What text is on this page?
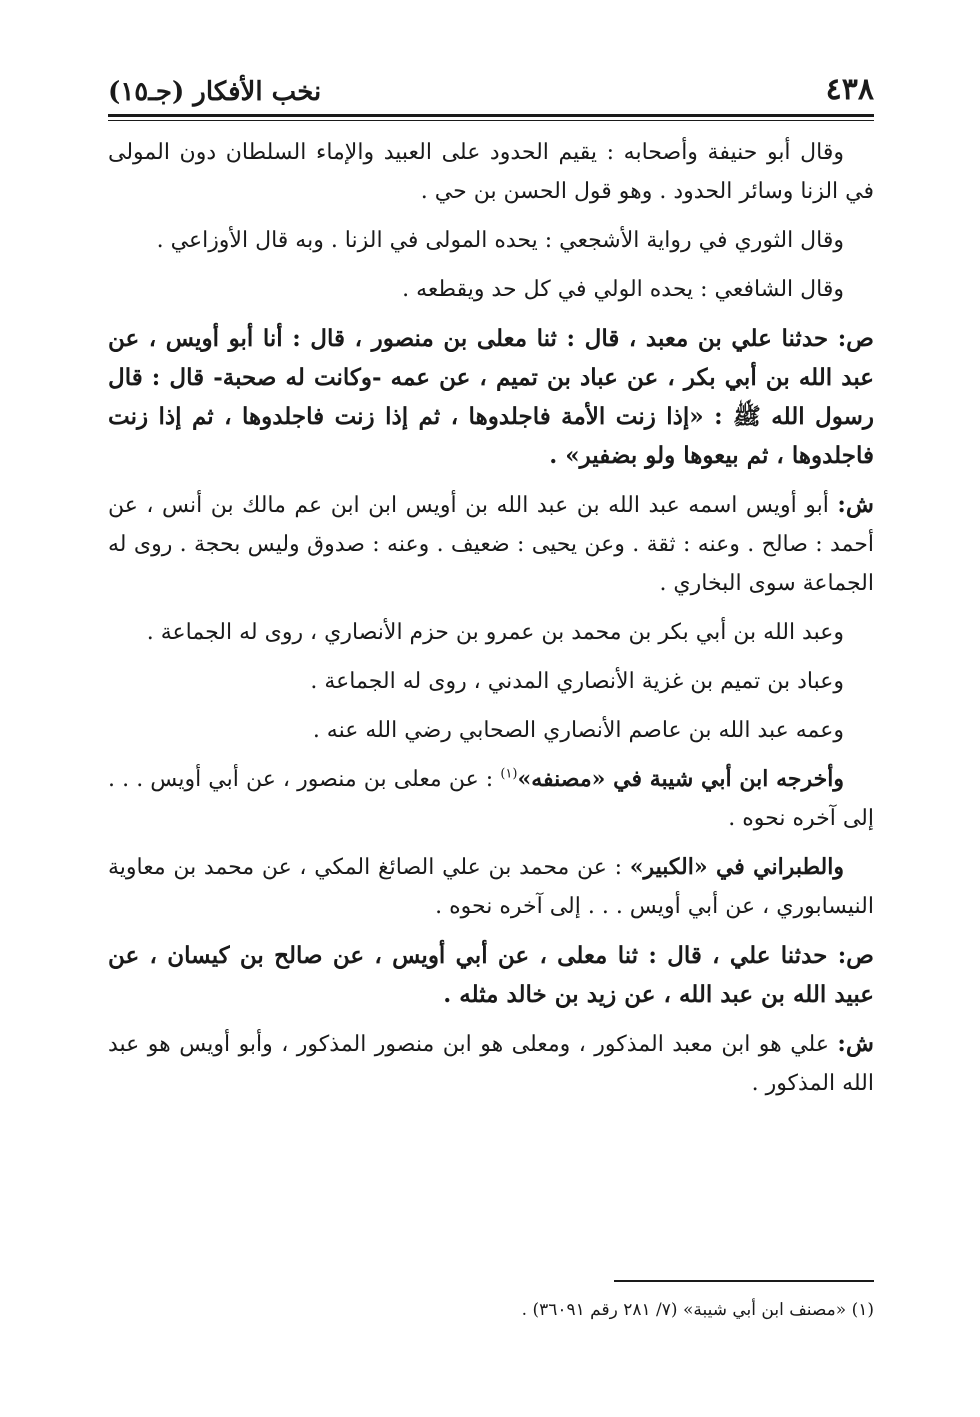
٤٣٨
نخب الأفكار (جـ١٥)

وقال أبو حنيفة وأصحابه : يقيم الحدود على العبيد والإماء السلطان دون المولى في الزنا وسائر الحدود . وهو قول الحسن بن حي .

وقال الثوري في رواية الأشجعي : يحده المولى في الزنا . وبه قال الأوزاعي .

وقال الشافعي : يحده الولي في كل حد ويقطعه .

ص: حدثنا علي بن معبد ، قال : ثنا معلى بن منصور ، قال : أنا أبو أويس ، عن عبد الله بن أبي بكر ، عن عباد بن تميم ، عن عمه -وكانت له صحبة- قال : قال رسول الله ﷺ : «إذا زنت الأمة فاجلدوها ، ثم إذا زنت فاجلدوها ، ثم إذا زنت فاجلدوها ، ثم بيعوها ولو بضفير» .

ش: أبو أويس اسمه عبد الله بن عبد الله بن أويس ابن ابن عم مالك بن أنس ، عن أحمد : صالح . وعنه : ثقة . وعن يحيى : ضعيف . وعنه : صدوق وليس بحجة . روى له الجماعة سوى البخاري .

وعبد الله بن أبي بكر بن محمد بن عمرو بن حزم الأنصاري ، روى له الجماعة .

وعباد بن تميم بن غزية الأنصاري المدني ، روى له الجماعة .

وعمه عبد الله بن عاصم الأنصاري الصحابي رضي الله عنه .

وأخرجه ابن أبي شيبة في «مصنفه»$^{(١)}$ : عن معلى بن منصور ، عن أبي أويس . . . إلى آخره نحوه .

والطبراني في «الكبير» : عن محمد بن علي الصائغ المكي ، عن محمد بن معاوية النيسابوري ، عن أبي أويس . . . إلى آخره نحوه .

ص: حدثنا علي ، قال : ثنا معلى ، عن أبي أويس ، عن صالح بن كيسان ، عن عبيد الله بن عبد الله ، عن زيد بن خالد مثله .

ش: علي هو ابن معبد المذكور ، ومعلى هو ابن منصور المذكور ، وأبو أويس هو عبد الله المذكور .

(١) «مصنف ابن أبي شيبة» (٧/ ٢٨١ رقم ٣٦٠٩١) .
